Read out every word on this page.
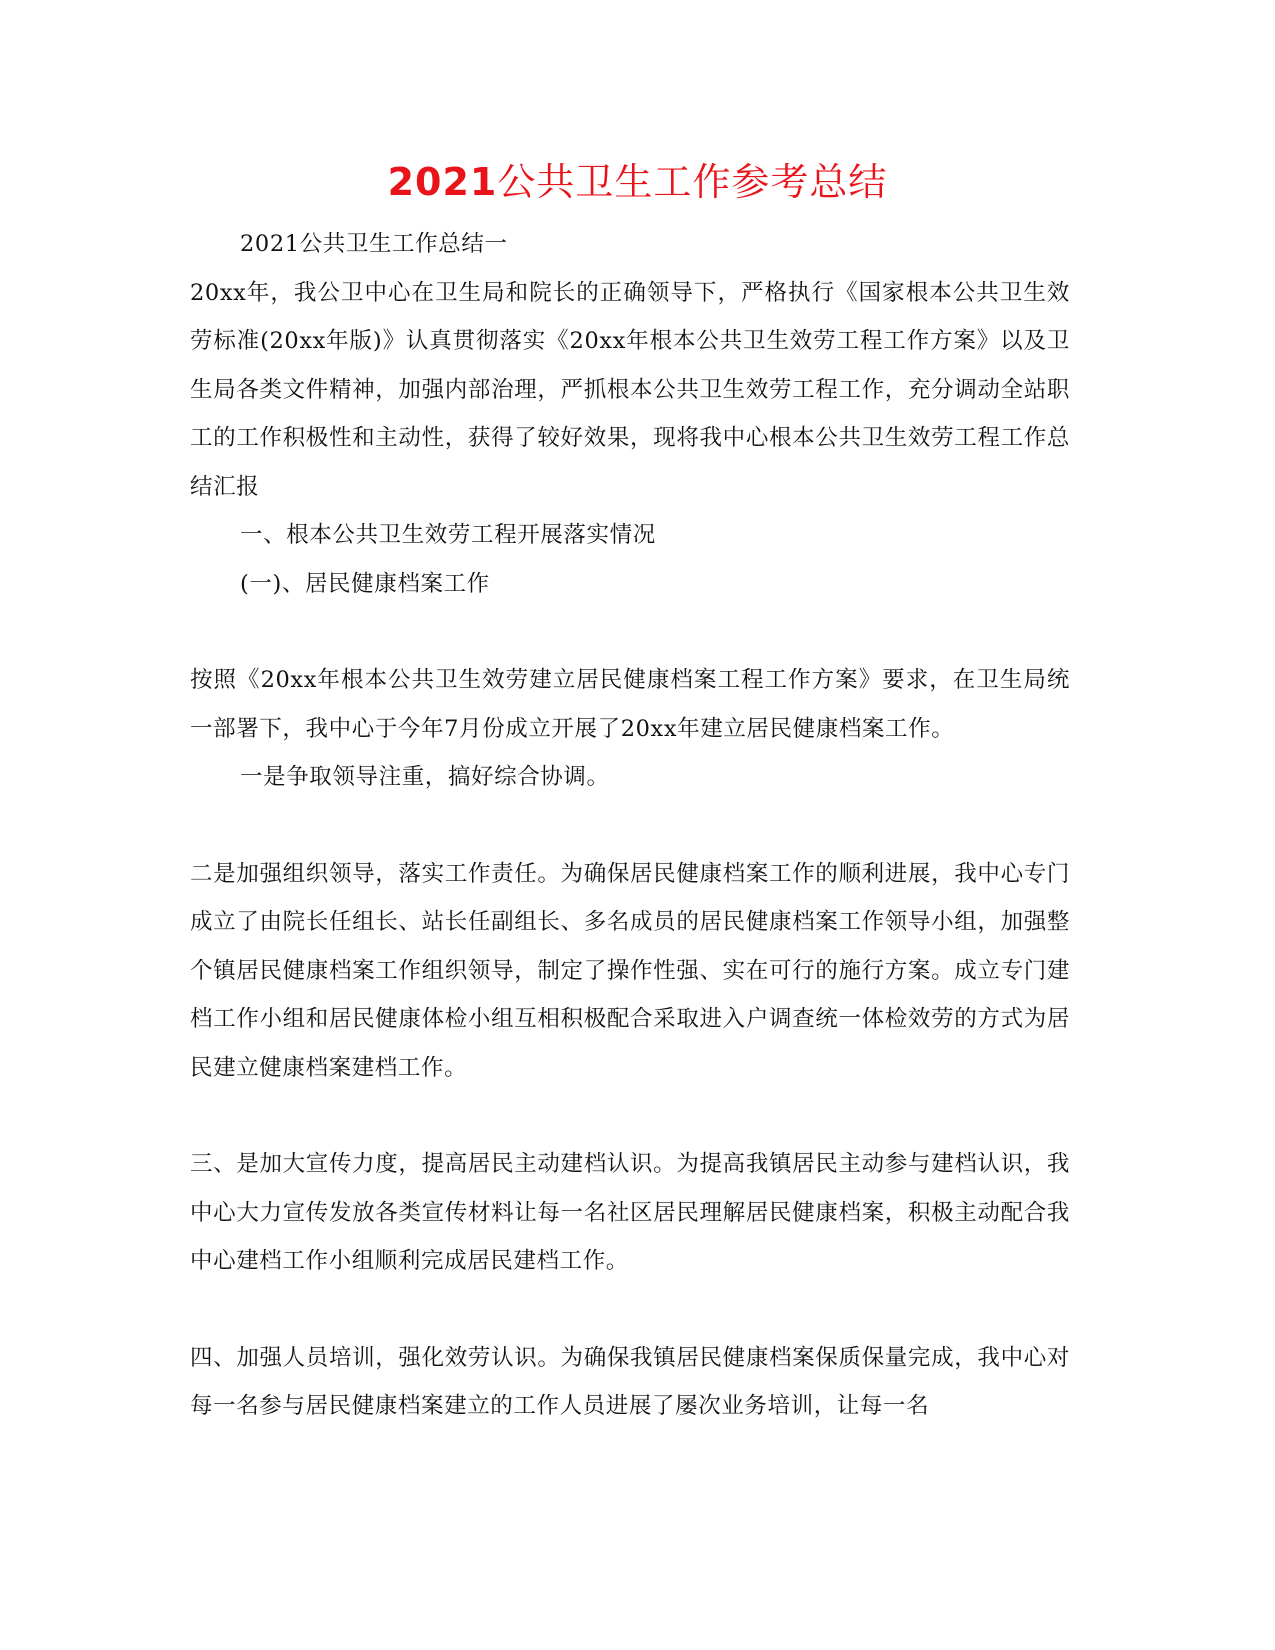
2021公共卫生工作参考总结

2021公共卫生工作总结一

20xx年，我公卫中心在卫生局和院长的正确领导下，严格执行《国家根本公共卫生效劳标准(20xx年版)》认真贯彻落实《20xx年根本公共卫生效劳工程工作方案》以及卫生局各类文件精神，加强内部治理，严抓根本公共卫生效劳工程工作，充分调动全站职工的工作积极性和主动性，获得了较好效果，现将我中心根本公共卫生效劳工程工作总结汇报

一、根本公共卫生效劳工程开展落实情况

(一)、居民健康档案工作

按照《20xx年根本公共卫生效劳建立居民健康档案工程工作方案》要求，在卫生局统一部署下，我中心于今年7月份成立开展了20xx年建立居民健康档案工作。

一是争取领导注重，搞好综合协调。

二是加强组织领导，落实工作责任。为确保居民健康档案工作的顺利进展，我中心专门成立了由院长任组长、站长任副组长、多名成员的居民健康档案工作领导小组，加强整个镇居民健康档案工作组织领导，制定了操作性强、实在可行的施行方案。成立专门建档工作小组和居民健康体检小组互相积极配合采取进入户调查统一体检效劳的方式为居民建立健康档案建档工作。

三、是加大宣传力度，提高居民主动建档认识。为提高我镇居民主动参与建档认识，我中心大力宣传发放各类宣传材料让每一名社区居民理解居民健康档案，积极主动配合我中心建档工作小组顺利完成居民建档工作。

四、加强人员培训，强化效劳认识。为确保我镇居民健康档案保质保量完成，我中心对每一名参与居民健康档案建立的工作人员进展了屡次业务培训，让每一名
